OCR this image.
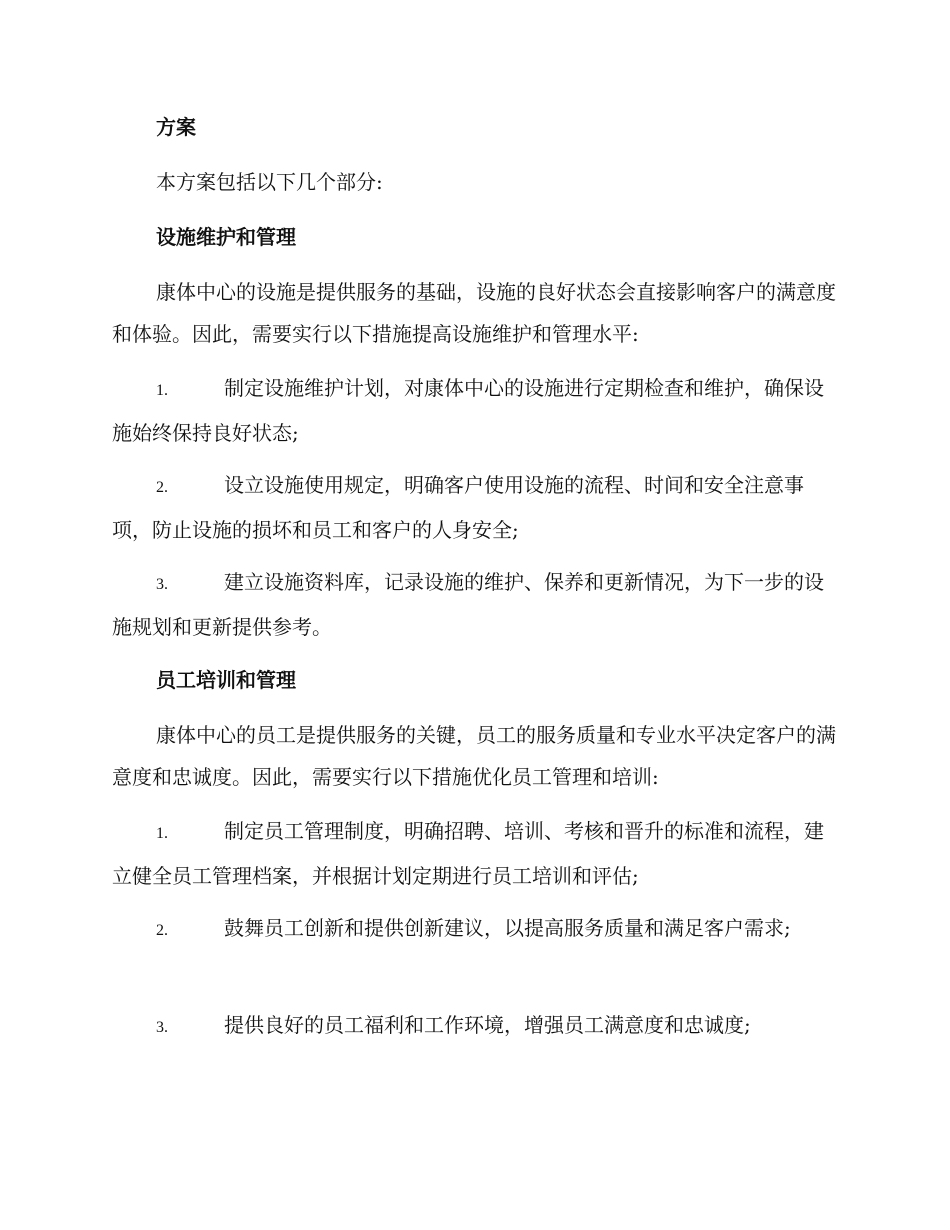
方案
本方案包括以下几个部分:
设施维护和管理
康体中心的设施是提供服务的基础，设施的良好状态会直接影响客户的满意度和体验。因此，需要实行以下措施提高设施维护和管理水平:
1.	制定设施维护计划，对康体中心的设施进行定期检查和维护，确保设施始终保持良好状态;
2.	设立设施使用规定，明确客户使用设施的流程、时间和安全注意事项，防止设施的损坏和员工和客户的人身安全;
3.	建立设施资料库，记录设施的维护、保养和更新情况，为下一步的设施规划和更新提供参考。
员工培训和管理
康体中心的员工是提供服务的关键，员工的服务质量和专业水平决定客户的满意度和忠诚度。因此，需要实行以下措施优化员工管理和培训:
1.	制定员工管理制度，明确招聘、培训、考核和晋升的标准和流程，建立健全员工管理档案，并根据计划定期进行员工培训和评估;
2.	鼓舞员工创新和提供创新建议，以提高服务质量和满足客户需求;
3.	提供良好的员工福利和工作环境，增强员工满意度和忠诚度;
